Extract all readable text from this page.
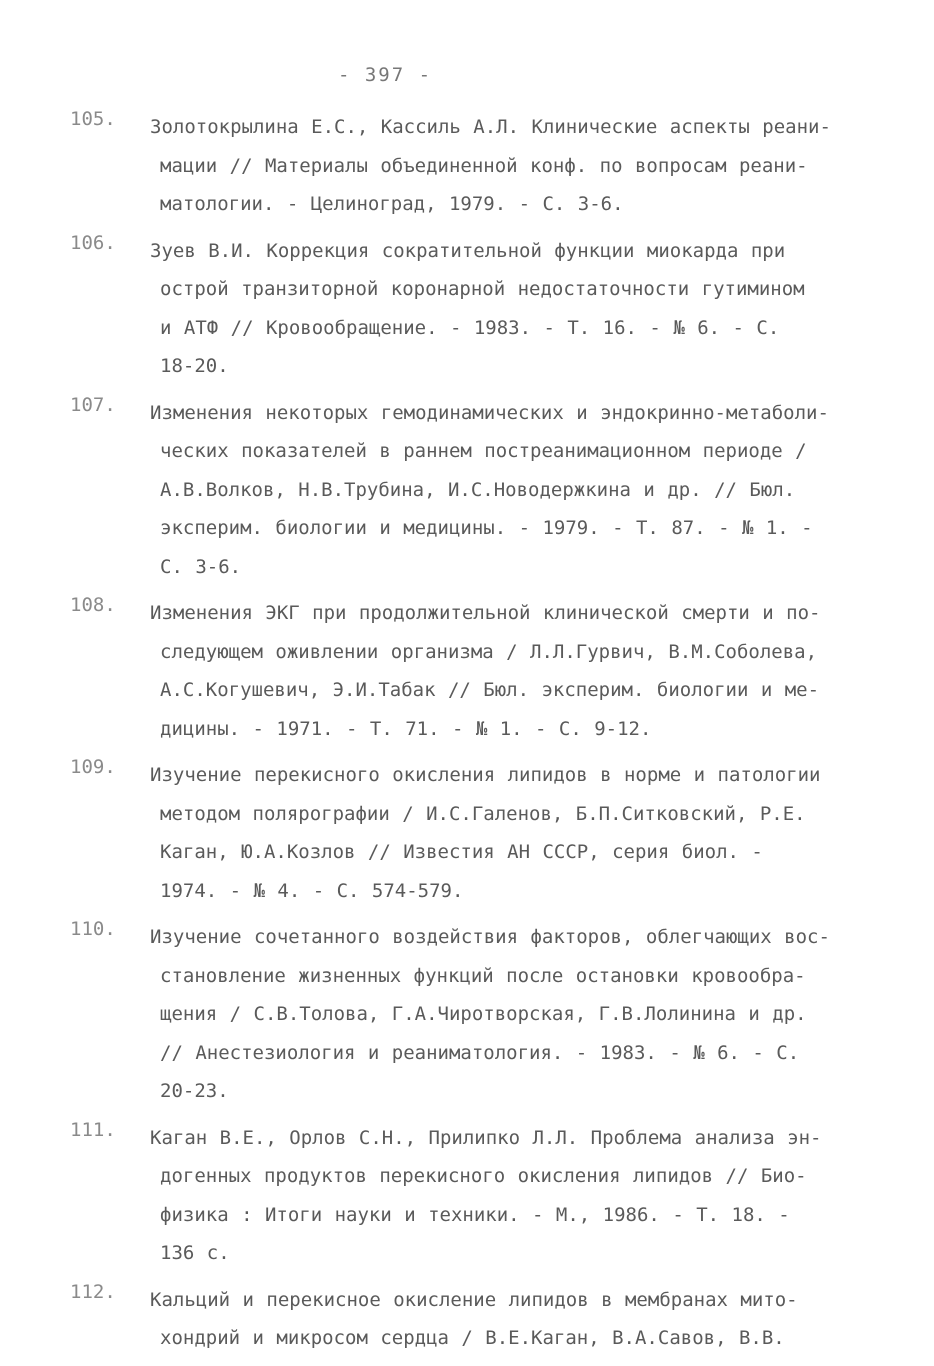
- 397 -
105.	Золотокрылина Е.С., Кассиль А.Л. Клинические аспекты реани-
мации // Материалы объединенной конф. по вопросам реани-
матологии. - Целиноград, 1979. - С. 3-6.
106.	Зуев В.И. Коррекция сократительной функции миокарда при
острой транзиторной коронарной недостаточности гутимином
и АТФ // Кровообращение. - 1983. - Т. 16. - № 6. - С.
18-20.
107.	Изменения некоторых гемодинамических и эндокринно-метаболи-
ческих показателей в раннем постреанимационном периоде /
А.В.Волков, Н.В.Трубина, И.С.Новодержкина и др. // Бюл.
эксперим. биологии и медицины. - 1979. - Т. 87. - № 1. -
С. 3-6.
108.	Изменения ЭКГ при продолжительной клинической смерти и по-
следующем оживлении организма / Л.Л.Гурвич, В.М.Соболева,
А.С.Когушевич, Э.И.Табак // Бюл. эксперим. биологии и ме-
дицины. - 1971. - Т. 71. - № 1. - С. 9-12.
109.	Изучение перекисного окисления липидов в норме и патологии
методом полярографии / И.С.Галенов, Б.П.Ситковский, Р.Е.
Каган, Ю.А.Козлов // Известия АН СССР, серия биол. -
1974. - № 4. - С. 574-579.
110.	Изучение сочетанного воздействия факторов, облегчающих вос-
становление жизненных функций после остановки кровообра-
щения / С.В.Толова, Г.А.Чиротворская, Г.В.Лолинина и др.
// Анестезиология и реаниматология. - 1983. - № 6. - С.
20-23.
111.	Каган В.Е., Орлов С.Н., Прилипко Л.Л. Проблема анализа эн-
догенных продуктов перекисного окисления липидов // Био-
физика : Итоги науки и техники. - М., 1986. - Т. 18. -
136 с.
112.	Кальций и перекисное окисление липидов в мембранах мито-
хондрий и микросом сердца / В.Е.Каган, В.А.Савов, В.В.
